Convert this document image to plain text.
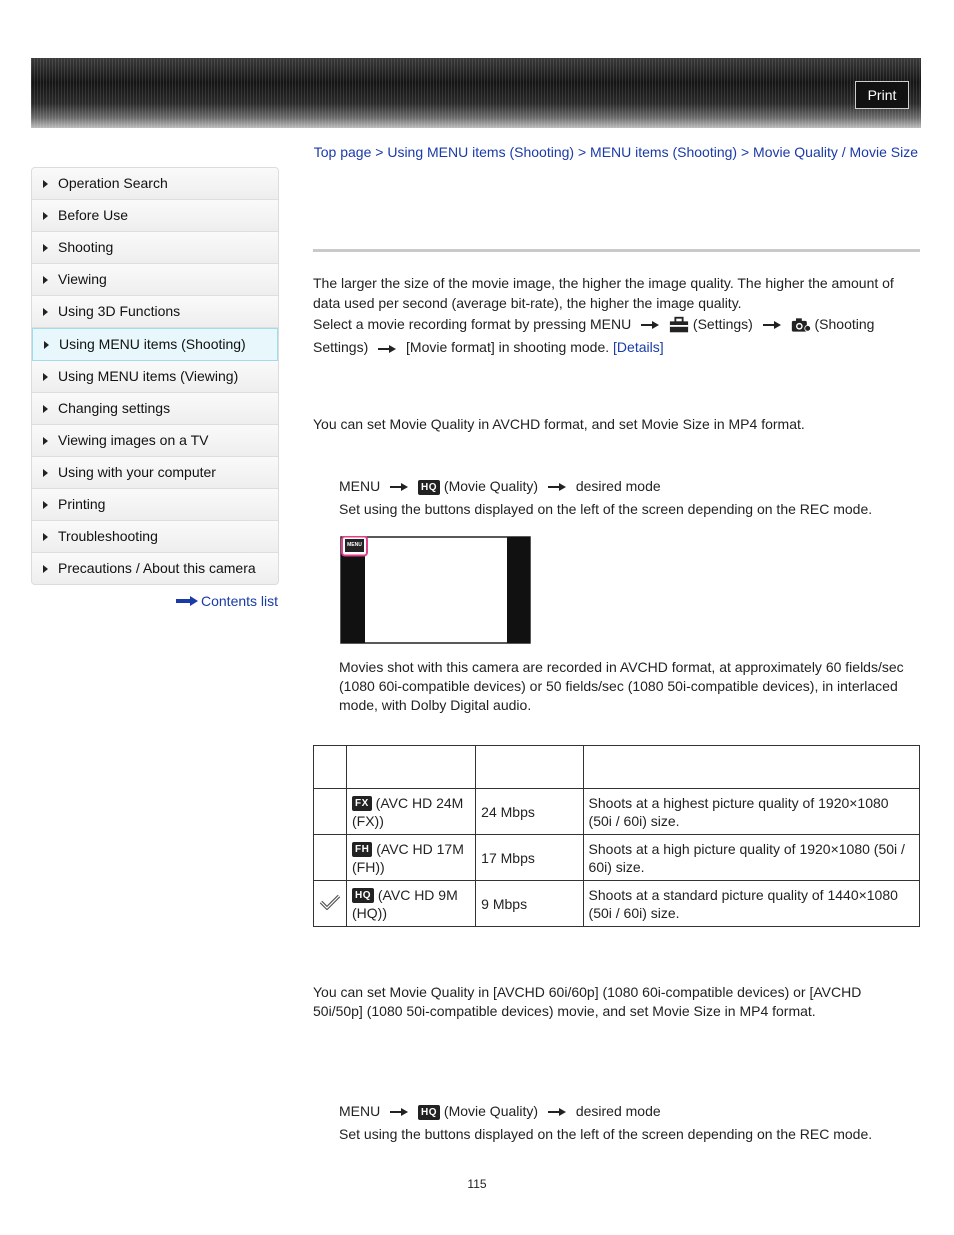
Print
Operation Search
Before Use
Shooting
Viewing
Using 3D Functions
Using MENU items (Shooting)
Using MENU items (Viewing)
Changing settings
Viewing images on a TV
Using with your computer
Printing
Troubleshooting
Precautions / About this camera
Contents list
Top page > Using MENU items (Shooting) > MENU items (Shooting) > Movie Quality / Movie Size
The larger the size of the movie image, the higher the image quality. The higher the amount of
data used per second (average bit-rate), the higher the image quality.
Select a movie recording format by pressing MENU	(Settings)	(Shooting
Settings)	[Movie format] in shooting mode. [Details]
You can set Movie Quality in AVCHD format, and set Movie Size in MP4 format.
MENU	HQ (Movie Quality)	desired mode
Set using the buttons displayed on the left of the screen depending on the REC mode.
MENU
Movies shot with this camera are recorded in AVCHD format, at approximately 60 fields/sec
(1080 60i-compatible devices) or 50 fields/sec (1080 50i-compatible devices), in interlaced
mode, with Dolby Digital audio.

	FX (AVC HD 24M
(FX))	24 Mbps	Shoots at a highest picture quality of 1920×1080
(50i / 60i) size.
	FH (AVC HD 17M
(FH))	17 Mbps	Shoots at a high picture quality of 1920×1080 (50i /
60i) size.
	HQ (AVC HD 9M
(HQ))	9 Mbps	Shoots at a standard picture quality of 1440×1080
(50i / 60i) size.
You can set Movie Quality in [AVCHD 60i/60p] (1080 60i-compatible devices) or [AVCHD
50i/50p] (1080 50i-compatible devices) movie, and set Movie Size in MP4 format.
MENU	HQ (Movie Quality)	desired mode
Set using the buttons displayed on the left of the screen depending on the REC mode.
115
